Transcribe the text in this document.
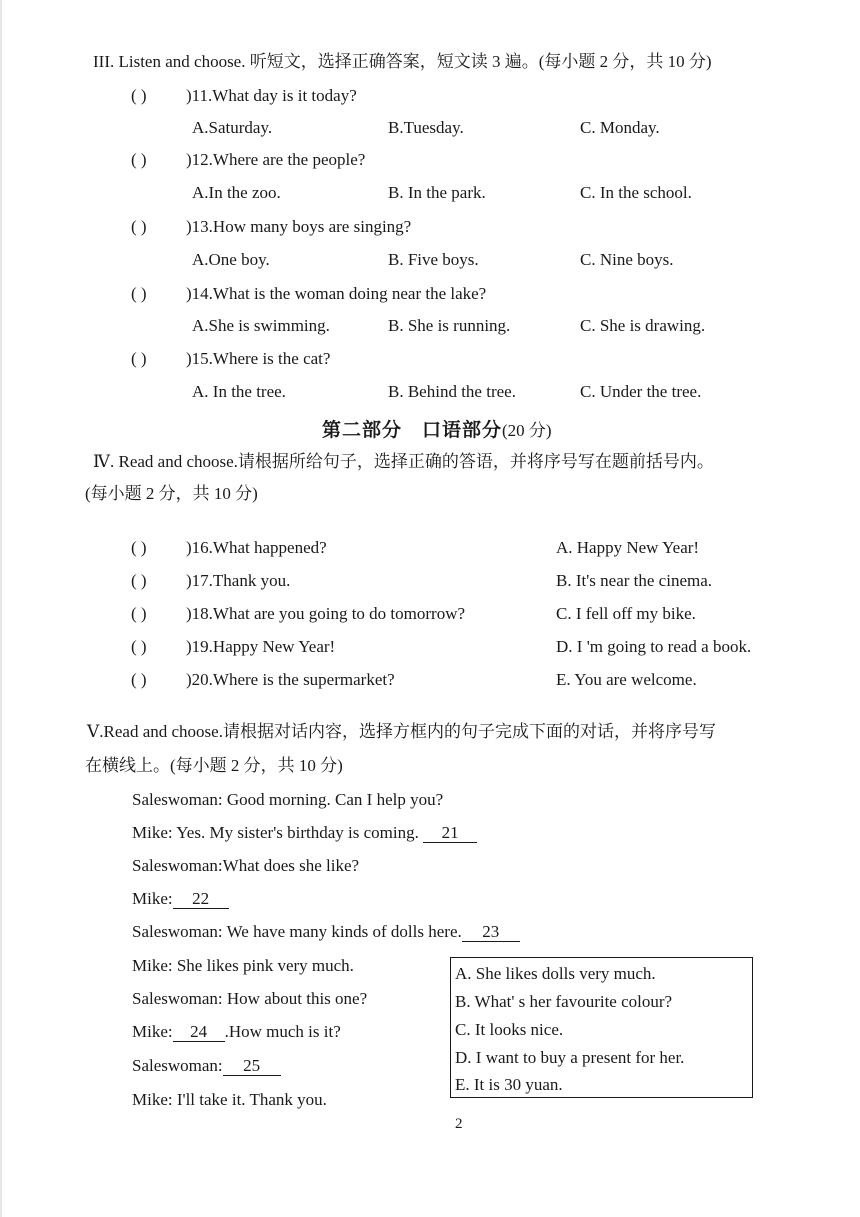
III. Listen and choose. 听短文，选择正确答案，短文读 3 遍。(每小题 2 分，共 10 分)
( ) )11.What day is it today?
A.Saturday.	B.Tuesday.	C. Monday.
( ) )12.Where are the people?
A.In the zoo.	B. In the park.	C. In the school.
( ) )13.How many boys are singing?
A.One boy.	B. Five boys.	C. Nine boys.
( ) )14.What is the woman doing near the lake?
A.She is swimming.	B. She is running.	C. She is drawing.
( ) )15.Where is the cat?
A. In the tree.	B. Behind the tree.	C. Under the tree.
第二部分　口语部分(20 分)
Ⅳ. Read and choose.请根据所给句子，选择正确的答语，并将序号写在题前括号内。
(每小题 2 分，共 10 分)
( ) )16.What happened?	A. Happy New Year!
( ) )17.Thank you.	B. It's near the cinema.
( ) )18.What are you going to do tomorrow?	C. I fell off my bike.
( ) )19.Happy New Year!	D. I 'm going to read a book.
( ) )20.Where is the supermarket?	E. You are welcome.
Ⅴ.Read and choose.请根据对话内容，选择方框内的句子完成下面的对话，并将序号写
在横线上。(每小题 2 分，共 10 分)
Saleswoman: Good morning. Can I help you?
Mike: Yes. My sister's birthday is coming. 21
Saleswoman:What does she like?
Mike: 22
Saleswoman: We have many kinds of dolls here. 23
Mike: She likes pink very much.
Saleswoman: How about this one?
Mike: 24 .How much is it?
Saleswoman: 25
Mike: I'll take it. Thank you.
A. She likes dolls very much.
B. What' s her favourite colour?
C. It looks nice.
D. I want to buy a present for her.
E. It is 30 yuan.
2
